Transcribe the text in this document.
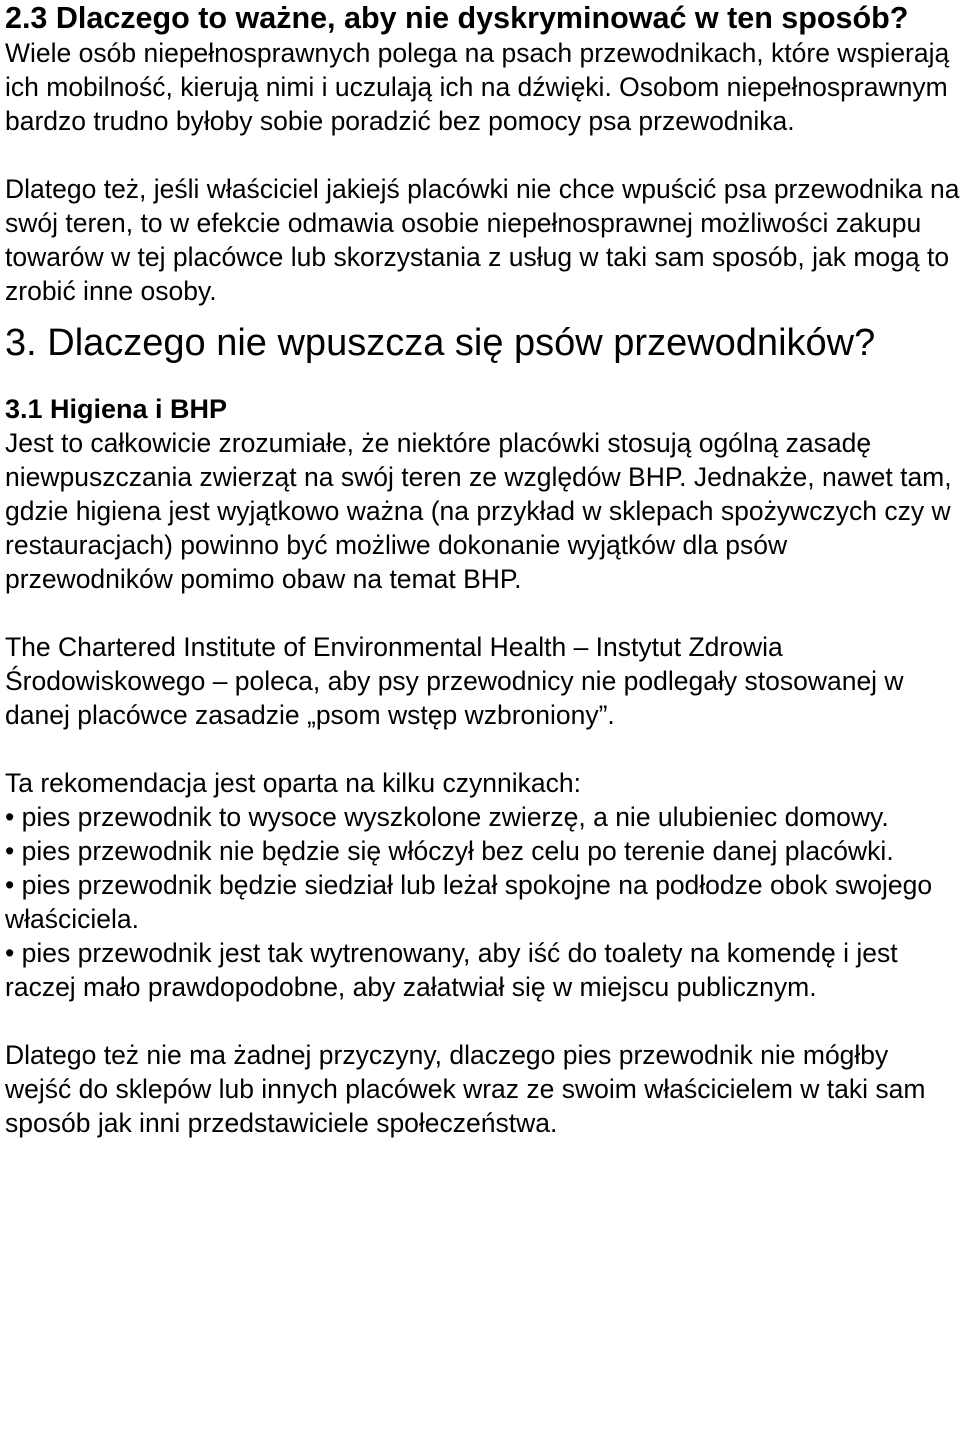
2.3 Dlaczego to ważne, aby nie dyskryminować w ten sposób?

Wiele osób niepełnosprawnych polega na psach przewodnikach, które wspierają ich mobilność, kierują nimi i uczulają ich na dźwięki. Osobom niepełnosprawnym bardzo trudno byłoby sobie poradzić bez pomocy psa przewodnika.

Dlatego też, jeśli właściciel jakiejś placówki nie chce wpuścić psa przewodnika na swój teren, to w efekcie odmawia osobie niepełnosprawnej możliwości zakupu towarów w tej placówce lub skorzystania z usług w taki sam sposób, jak mogą to zrobić inne osoby.

3. Dlaczego nie wpuszcza się psów przewodników?
3.1 Higiena i BHP

Jest to całkowicie zrozumiałe, że niektóre placówki stosują ogólną zasadę niewpuszczania zwierząt na swój teren ze względów BHP. Jednakże, nawet tam, gdzie higiena jest wyjątkowo ważna (na przykład w sklepach spożywczych czy w restauracjach) powinno być możliwe dokonanie wyjątków dla psów przewodników pomimo obaw na temat BHP.

The Chartered Institute of Environmental Health – Instytut Zdrowia Środowiskowego – poleca, aby psy przewodnicy nie podlegały stosowanej w danej placówce zasadzie „psom wstęp wzbroniony”.

Ta rekomendacja jest oparta na kilku czynnikach:

• pies przewodnik to wysoce wyszkolone zwierzę, a nie ulubieniec domowy.

• pies przewodnik nie będzie się włóczył bez celu po terenie danej placówki.

• pies przewodnik będzie siedział lub leżał spokojne na podłodze obok swojego właściciela.

• pies przewodnik jest tak wytrenowany, aby iść do toalety na komendę i jest raczej mało prawdopodobne, aby załatwiał się w miejscu publicznym.

Dlatego też nie ma żadnej przyczyny, dlaczego pies przewodnik nie mógłby wejść do sklepów lub innych placówek wraz ze swoim właścicielem w taki sam sposób jak inni przedstawiciele społeczeństwa.
